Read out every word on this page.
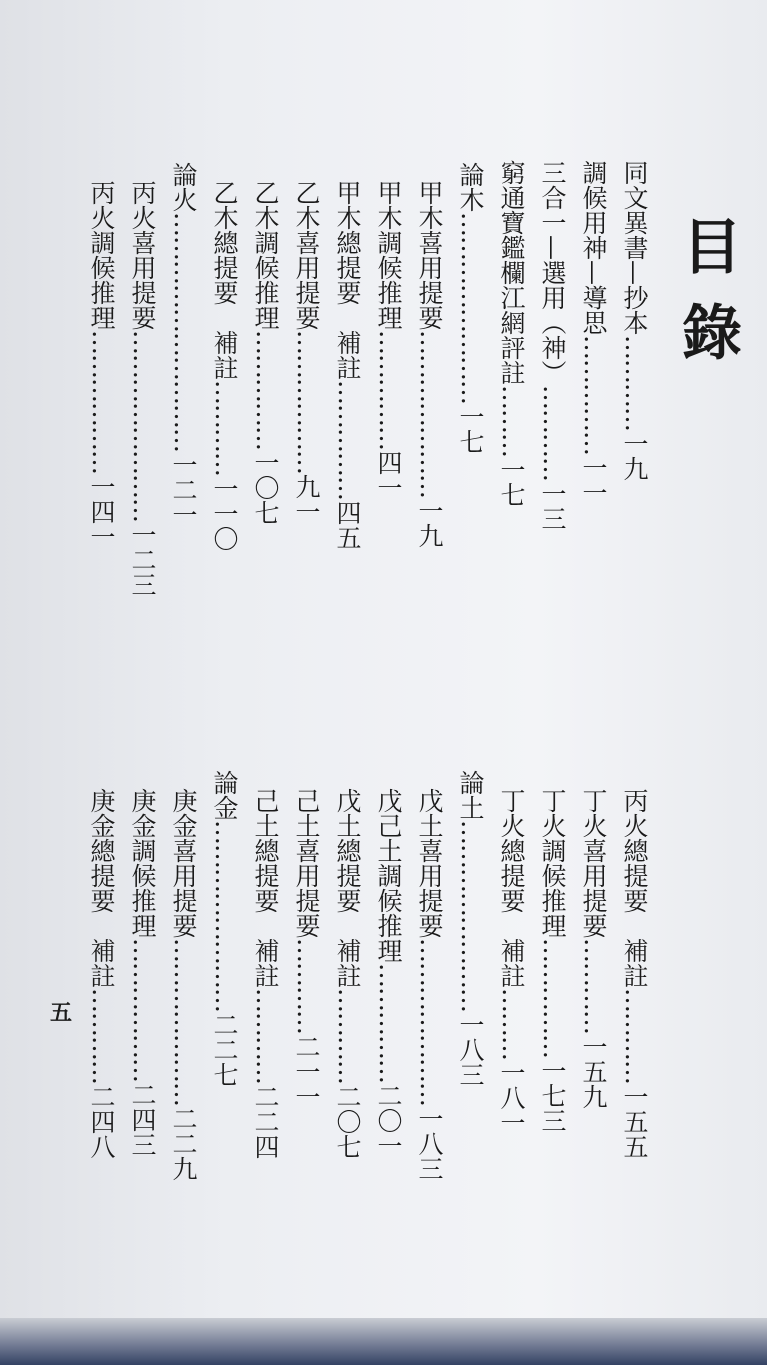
目錄
同文異書—抄本…………一九
調候用神—導思……………一一
三合一—選用（神）…………一三
窮通寶鑑欄江網評註………一七
論木……………………一七
甲木喜用提要…………………一九
甲木調候推理……………四一
甲木總提要　補註……………四五
乙木喜用提要………………九一
乙木調候推理……………一〇七
乙木總提要　補註…………一一〇
論火…………………………一二一
丙火喜用提要……………………一二三
丙火調候推理………………一四一
丙火總提要　補註…………一五五
丁火喜用提要…………一五九
丁火調候推理……………一七三
丁火總提要　補註………一八一
論土……………………一八三
戊土喜用提要…………………一八三
戊己土調候推理……………二〇一
戊土總提要　補註…………二〇七
己土喜用提要…………二一一
己土總提要　補註…………二二四
論金……………………二二七
庚金喜用提要…………………二二九
庚金調候推理………………二四三
庚金總提要　補註…………二四八
五
